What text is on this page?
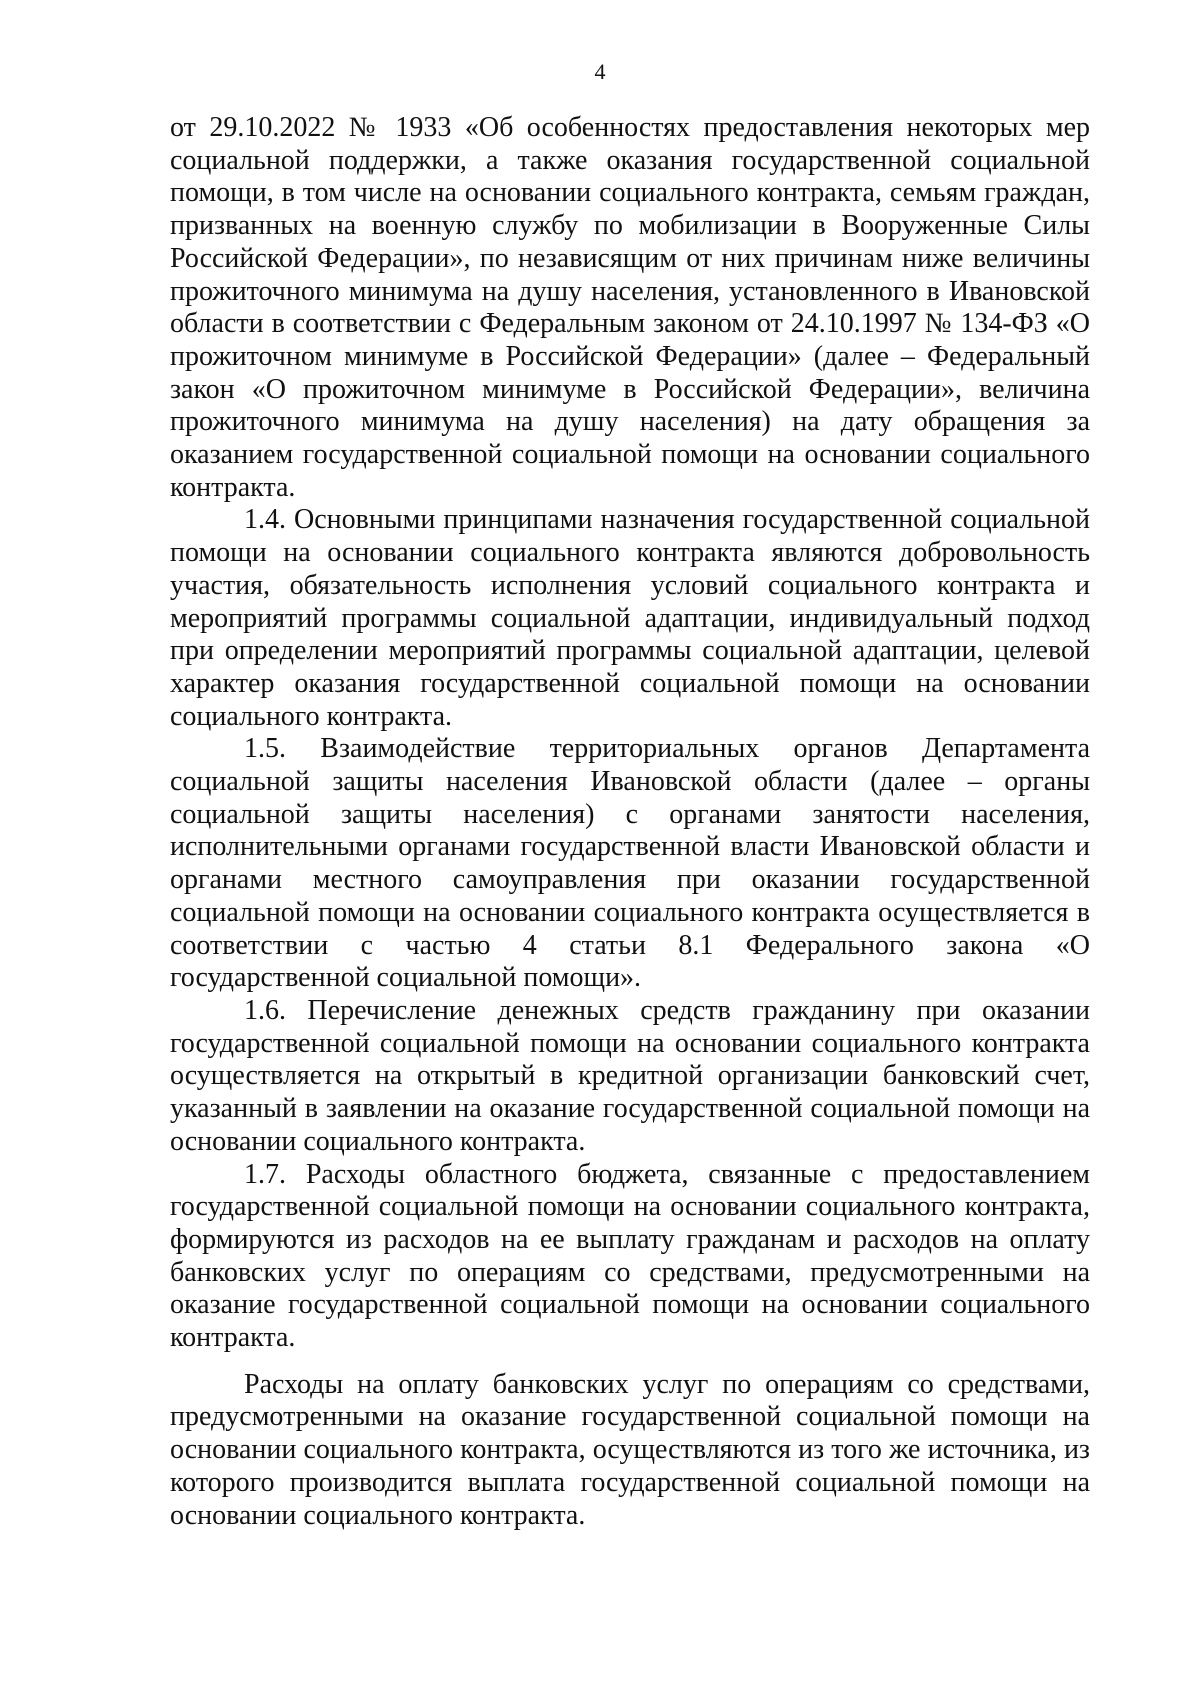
4

от 29.10.2022 № 1933 «Об особенностях предоставления некоторых мер социальной поддержки, а также оказания государственной социальной помощи, в том числе на основании социального контракта, семьям граждан, призванных на военную службу по мобилизации в Вооруженные Силы Российской Федерации», по независящим от них причинам ниже величины прожиточного минимума на душу населения, установленного в Ивановской области в соответствии с Федеральным законом от 24.10.1997 № 134-ФЗ «О прожиточном минимуме в Российской Федерации» (далее – Федеральный закон «О прожиточном минимуме в Российской Федерации», величина прожиточного минимума на душу населения) на дату обращения за оказанием государственной социальной помощи на основании социального контракта.

1.4. Основными принципами назначения государственной социальной помощи на основании социального контракта являются добровольность участия, обязательность исполнения условий социального контракта и мероприятий программы социальной адаптации, индивидуальный подход при определении мероприятий программы социальной адаптации, целевой характер оказания государственной социальной помощи на основании социального контракта.

1.5. Взаимодействие территориальных органов Департамента социальной защиты населения Ивановской области (далее – органы социальной защиты населения) с органами занятости населения, исполнительными органами государственной власти Ивановской области и органами местного самоуправления при оказании государственной социальной помощи на основании социального контракта осуществляется в соответствии с частью 4 статьи 8.1 Федерального закона «О государственной социальной помощи».

1.6. Перечисление денежных средств гражданину при оказании государственной социальной помощи на основании социального контракта осуществляется на открытый в кредитной организации банковский счет, указанный в заявлении на оказание государственной социальной помощи на основании социального контракта.

1.7. Расходы областного бюджета, связанные с предоставлением государственной социальной помощи на основании социального контракта, формируются из расходов на ее выплату гражданам и расходов на оплату банковских услуг по операциям со средствами, предусмотренными на оказание государственной социальной помощи на основании социального контракта.

Расходы на оплату банковских услуг по операциям со средствами, предусмотренными на оказание государственной социальной помощи на основании социального контракта, осуществляются из того же источника, из которого производится выплата государственной социальной помощи на основании социального контракта.
